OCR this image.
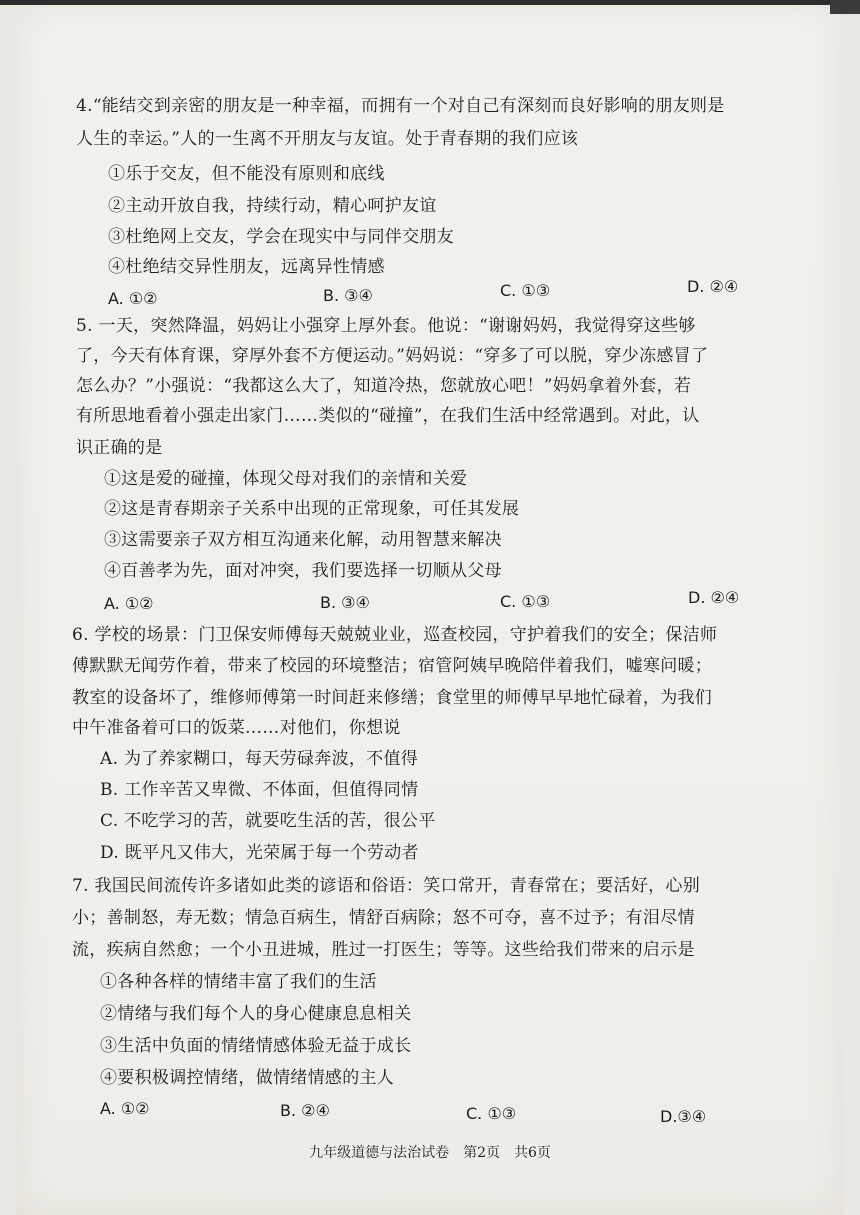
4.“能结交到亲密的朋友是一种幸福，而拥有一个对自己有深刻而良好影响的朋友则是
人生的幸运。”人的一生离不开朋友与友谊。处于青春期的我们应该
①乐于交友，但不能没有原则和底线
②主动开放自我，持续行动，精心呵护友谊
③杜绝网上交友，学会在现实中与同伴交朋友
④杜绝结交异性朋友，远离异性情感
A. ①②	B. ③④	C. ①③	D. ②④
5. 一天，突然降温，妈妈让小强穿上厚外套。他说：“谢谢妈妈，我觉得穿这些够
了，今天有体育课，穿厚外套不方便运动。”妈妈说：“穿多了可以脱，穿少冻感冒了
怎么办？”小强说：“我都这么大了，知道冷热，您就放心吧！”妈妈拿着外套，若
有所思地看着小强走出家门……类似的“碰撞”，在我们生活中经常遇到。对此，认
识正确的是
①这是爱的碰撞，体现父母对我们的亲情和关爱
②这是青春期亲子关系中出现的正常现象，可任其发展
③这需要亲子双方相互沟通来化解，动用智慧来解决
④百善孝为先，面对冲突，我们要选择一切顺从父母
A. ①②	B. ③④	C. ①③	D. ②④
6. 学校的场景：门卫保安师傅每天兢兢业业，巡查校园，守护着我们的安全；保洁师
傅默默无闻劳作着，带来了校园的环境整洁；宿管阿姨早晚陪伴着我们，嘘寒问暖；
教室的设备坏了，维修师傅第一时间赶来修缮；食堂里的师傅早早地忙碌着，为我们
中午准备着可口的饭菜……对他们，你想说
A. 为了养家糊口，每天劳碌奔波，不值得
B. 工作辛苦又卑微、不体面，但值得同情
C. 不吃学习的苦，就要吃生活的苦，很公平
D. 既平凡又伟大，光荣属于每一个劳动者
7. 我国民间流传许多诸如此类的谚语和俗语：笑口常开，青春常在；要活好，心别
小；善制怒，寿无数；情急百病生，情舒百病除；怒不可夺，喜不过予；有泪尽情
流，疾病自然愈；一个小丑进城，胜过一打医生；等等。这些给我们带来的启示是
①各种各样的情绪丰富了我们的生活
②情绪与我们每个人的身心健康息息相关
③生活中负面的情绪情感体验无益于成长
④要积极调控情绪，做情绪情感的主人
A. ①②	B. ②④	C. ①③	D.③④
九年级道德与法治试卷　第2页　共6页
